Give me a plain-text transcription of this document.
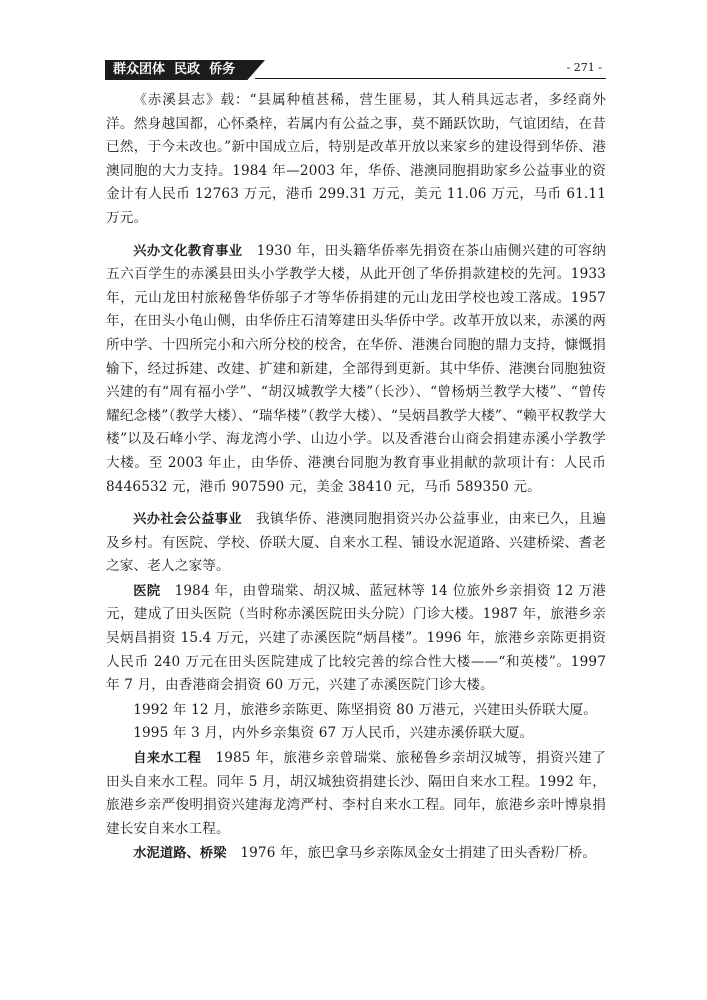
群众团体  民政  侨务	- 271 -

《赤溪县志》载：“县属种植甚稀，营生匪易，其人稍具远志者，多经商外洋。然身越国都，心怀桑梓，若属内有公益之事，莫不踊跃饮助，气谊团结，在昔已然，于今未改也。”新中国成立后，特别是改革开放以来家乡的建设得到华侨、港澳同胞的大力支持。1984 年—2003 年，华侨、港澳同胞捐助家乡公益事业的资金计有人民币 12763 万元，港币 299.31 万元，美元 11.06 万元，马币 61.11 万元。

兴办文化教育事业　 1930 年，田头籍华侨率先捐资在茶山庙侧兴建的可容纳五六百学生的赤溪县田头小学教学大楼，从此开创了华侨捐款建校的先河。1933 年，元山龙田村旅秘鲁华侨邬子才等华侨捐建的元山龙田学校也竣工落成。1957 年，在田头小龟山侧，由华侨庄石清筹建田头华侨中学。改革开放以来，赤溪的两所中学、十四所完小和六所分校的校舍，在华侨、港澳台同胞的鼎力支持，慷慨捐输下，经过拆建、改建、扩建和新建，全部得到更新。其中华侨、港澳台同胞独资兴建的有“周有福小学”、“胡汉城教学大楼”（长沙）、“曾杨炳兰教学大楼”、“曾传耀纪念楼”（教学大楼）、“瑞华楼”（教学大楼）、“吴炳昌教学大楼”、“赖平权教学大楼”以及石峰小学、海龙湾小学、山边小学。以及香港台山商会捐建赤溪小学教学大楼。至 2003 年止，由华侨、港澳台同胞为教育事业捐献的款项计有：人民币 8446532 元，港币 907590 元，美金 38410 元，马币 589350 元。

兴办社会公益事业　 我镇华侨、港澳同胞捐资兴办公益事业，由来已久，且遍及乡村。有医院、学校、侨联大厦、自来水工程、铺设水泥道路、兴建桥梁、耆老之家、老人之家等。

医院　 1984 年，由曾瑞棠、胡汉城、蓝冠林等 14 位旅外乡亲捐资 12 万港元，建成了田头医院（当时称赤溪医院田头分院）门诊大楼。1987 年，旅港乡亲吴炳昌捐资 15.4 万元，兴建了赤溪医院“炳昌楼”。1996 年，旅港乡亲陈更捐资人民币 240 万元在田头医院建成了比较完善的综合性大楼——“和英楼”。1997 年 7 月，由香港商会捐资 60 万元，兴建了赤溪医院门诊大楼。

1992 年 12 月，旅港乡亲陈更、陈坚捐资 80 万港元，兴建田头侨联大厦。

1995 年 3 月，内外乡亲集资 67 万人民币，兴建赤溪侨联大厦。

自来水工程　 1985 年，旅港乡亲曾瑞棠、旅秘鲁乡亲胡汉城等，捐资兴建了田头自来水工程。同年 5 月，胡汉城独资捐建长沙、隔田自来水工程。1992 年，旅港乡亲严俊明捐资兴建海龙湾严村、李村自来水工程。同年，旅港乡亲叶博泉捐建长安自来水工程。

水泥道路、桥梁　 1976 年，旅巴拿马乡亲陈凤金女士捐建了田头香粉厂桥。
